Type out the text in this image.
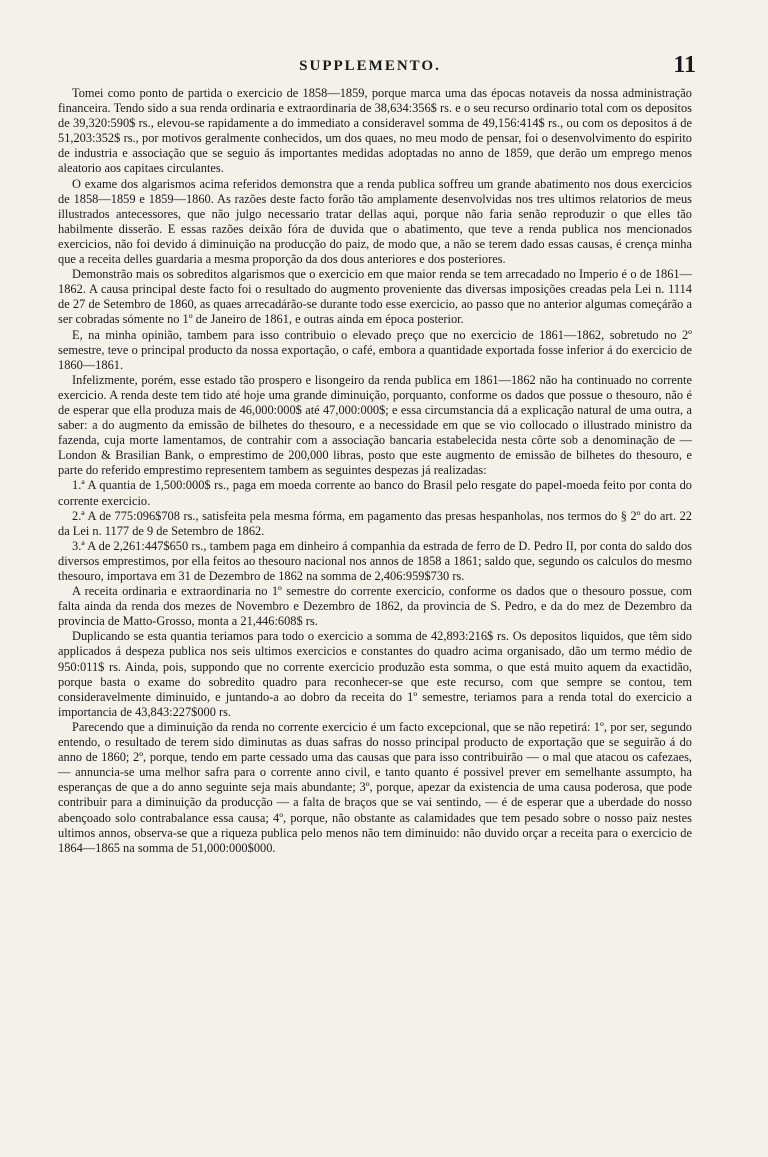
SUPPLEMENTO.	11

Tomei como ponto de partida o exercicio de 1858—1859, porque marca uma das épocas notaveis da nossa administração financeira. Tendo sido a sua renda ordinaria e extraordinaria de 38,634:356$ rs. e o seu recurso ordinario total com os depositos de 39,320:590$ rs., elevou-se rapidamente a do immediato a consideravel somma de 49,156:414$ rs., ou com os depositos á de 51,203:352$ rs., por motivos geralmente conhecidos, um dos quaes, no meu modo de pensar, foi o desenvolvimento do espirito de industria e associação que se seguio ás importantes medidas adoptadas no anno de 1859, que derão um emprego menos aleatorio aos capitaes circulantes.

O exame dos algarismos acima referidos demonstra que a renda publica soffreu um grande abatimento nos dous exercicios de 1858—1859 e 1859—1860. As razões deste facto forão tão amplamente desenvolvidas nos tres ultimos relatorios de meus illustrados antecessores, que não julgo necessario tratar dellas aqui, porque não faria senão reproduzir o que elles tão habilmente disserão. E essas razões deixão fóra de duvida que o abatimento, que teve a renda publica nos mencionados exercicios, não foi devido á diminuição na producção do paiz, de modo que, a não se terem dado essas causas, é crença minha que a receita delles guardaria a mesma proporção da dos dous anteriores e dos posteriores.

Demonstrão mais os sobreditos algarismos que o exercicio em que maior renda se tem arrecadado no Imperio é o de 1861—1862. A causa principal deste facto foi o resultado do augmento proveniente das diversas imposições creadas pela Lei n. 1114 de 27 de Setembro de 1860, as quaes arrecadárão-se durante todo esse exercicio, ao passo que no anterior algumas começárão a ser cobradas sómente no 1º de Janeiro de 1861, e outras ainda em época posterior.

E, na minha opinião, tambem para isso contribuio o elevado preço que no exercicio de 1861—1862, sobretudo no 2º semestre, teve o principal producto da nossa exportação, o café, embora a quantidade exportada fosse inferior á do exercicio de 1860—1861.

Infelizmente, porém, esse estado tão prospero e lisongeiro da renda publica em 1861—1862 não ha continuado no corrente exercicio. A renda deste tem tido até hoje uma grande diminuição, porquanto, conforme os dados que possue o thesouro, não é de esperar que ella produza mais de 46,000:000$ até 47,000:000$; e essa circumstancia dá a explicação natural de uma outra, a saber: a do augmento da emissão de bilhetes do thesouro, e a necessidade em que se vio collocado o illustrado ministro da fazenda, cuja morte lamentamos, de contrahir com a associação bancaria estabelecida nesta côrte sob a denominação de — London & Brasilian Bank, o emprestimo de 200,000 libras, posto que este augmento de emissão de bilhetes do thesouro, e parte do referido emprestimo representem tambem as seguintes despezas já realizadas:

1.ª A quantia de 1,500:000$ rs., paga em moeda corrente ao banco do Brasil pelo resgate do papel-moeda feito por conta do corrente exercicio.

2.ª A de 775:096$708 rs., satisfeita pela mesma fórma, em pagamento das presas hespanholas, nos termos do § 2º do art. 22 da Lei n. 1177 de 9 de Setembro de 1862.

3.ª A de 2,261:447$650 rs., tambem paga em dinheiro á companhia da estrada de ferro de D. Pedro II, por conta do saldo dos diversos emprestimos, por ella feitos ao thesouro nacional nos annos de 1858 a 1861; saldo que, segundo os calculos do mesmo thesouro, importava em 31 de Dezembro de 1862 na somma de 2,406:959$730 rs.

A receita ordinaria e extraordinaria no 1º semestre do corrente exercicio, conforme os dados que o thesouro possue, com falta ainda da renda dos mezes de Novembro e Dezembro de 1862, da provincia de S. Pedro, e da do mez de Dezembro da provincia de Matto-Grosso, monta a 21,446:608$ rs.

Duplicando se esta quantia teriamos para todo o exercicio a somma de 42,893:216$ rs. Os depositos liquidos, que têm sido applicados á despeza publica nos seis ultimos exercicios e constantes do quadro acima organisado, dão um termo médio de 950:011$ rs. Ainda, pois, suppondo que no corrente exercicio produzão esta somma, o que está muito aquem da exactidão, porque basta o exame do sobredito quadro para reconhecer-se que este recurso, com que sempre se contou, tem consideravelmente diminuido, e juntando-a ao dobro da receita do 1º semestre, teriamos para a renda total do exercicio a importancia de 43,843:227$000 rs.

Parecendo que a diminuição da renda no corrente exercicio é um facto excepcional, que se não repetirá: 1º, por ser, segundo entendo, o resultado de terem sido diminutas as duas safras do nosso principal producto de exportação que se seguirão á do anno de 1860; 2º, porque, tendo em parte cessado uma das causas que para isso contribuirão — o mal que atacou os cafezaes, — annuncia-se uma melhor safra para o corrente anno civil, e tanto quanto é possivel prever em semelhante assumpto, ha esperanças de que a do anno seguinte seja mais abundante; 3º, porque, apezar da existencia de uma causa poderosa, que pode contribuir para a diminuição da producção — a falta de braços que se vai sentindo, — é de esperar que a uberdade do nosso abençoado solo contrabalance essa causa; 4º, porque, não obstante as calamidades que tem pesado sobre o nosso paiz nestes ultimos annos, observa-se que a riqueza publica pelo menos não tem diminuido: não duvido orçar a receita para o exercicio de 1864—1865 na somma de 51,000:000$000.
